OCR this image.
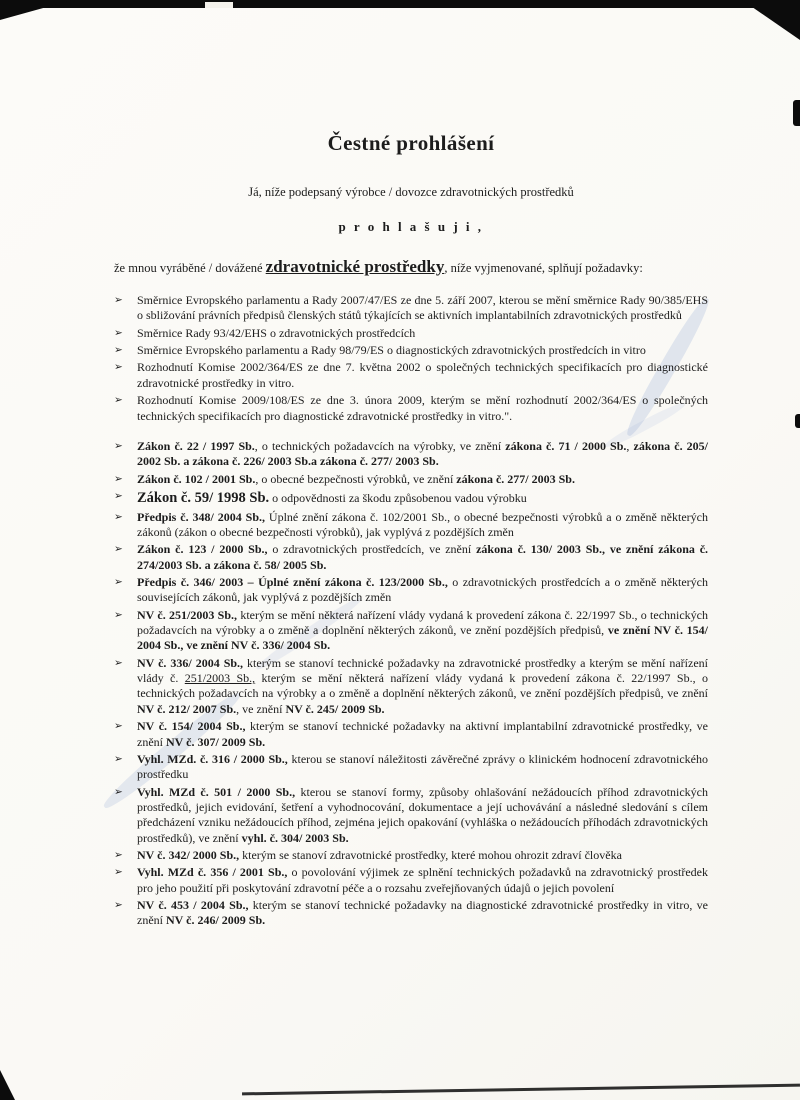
Čestné prohlášení

Já, níže podepsaný výrobce / dovozce zdravotnických prostředků

p r o h l a š u j i ,

že mnou vyráběné / dovážené zdravotnické prostředky, níže vyjmenované, splňují požadavky:

➢	Směrnice Evropského parlamentu a Rady 2007/47/ES ze dne 5. září 2007, kterou se mění směrnice Rady 90/385/EHS o sbližování právních předpisů členských států týkajících se aktivních implantabilních zdravotnických prostředků
➢	Směrnice Rady 93/42/EHS o zdravotnických prostředcích
➢	Směrnice Evropského parlamentu a Rady 98/79/ES o diagnostických zdravotnických prostředcích in vitro
➢	Rozhodnutí Komise 2002/364/ES ze dne 7. května 2002 o společných technických specifikacích pro diagnostické zdravotnické prostředky in vitro.
➢	Rozhodnutí Komise 2009/108/ES ze dne 3. února 2009, kterým se mění rozhodnutí 2002/364/ES o společných technických specifikacích pro diagnostické zdravotnické prostředky in vitro.".
➢	Zákon č. 22 / 1997 Sb., o technických požadavcích na výrobky, ve znění zákona č. 71 / 2000 Sb., zákona č. 205/ 2002 Sb. a zákona č. 226/ 2003 Sb.a zákona č. 277/ 2003 Sb.
➢	Zákon č. 102 / 2001 Sb., o obecné bezpečnosti výrobků, ve znění zákona č. 277/ 2003 Sb.
➢ Zákon č. 59/ 1998 Sb. o odpovědnosti za škodu způsobenou vadou výrobku
➢	Předpis č. 348/ 2004 Sb., Úplné znění zákona č. 102/2001 Sb., o obecné bezpečnosti výrobků a o změně některých zákonů (zákon o obecné bezpečnosti výrobků), jak vyplývá z pozdějších změn
➢	Zákon č. 123 / 2000 Sb., o zdravotnických prostředcích, ve znění zákona č. 130/ 2003 Sb., ve znění zákona č. 274/2003 Sb. a zákona č. 58/ 2005 Sb.
➢	Předpis č. 346/ 2003 – Úplné znění zákona č. 123/2000 Sb., o zdravotnických prostředcích a o změně některých souvisejících zákonů, jak vyplývá z pozdějších změn
➢	NV č. 251/2003 Sb., kterým se mění některá nařízení vlády vydaná k provedení zákona č. 22/1997 Sb., o technických požadavcích na výrobky a o změně a doplnění některých zákonů, ve znění pozdějších předpisů, ve znění NV č. 154/ 2004 Sb., ve znění NV č. 336/ 2004 Sb.
➢	NV č. 336/ 2004 Sb., kterým se stanoví technické požadavky na zdravotnické prostředky a kterým se mění nařízení vlády č. 251/2003 Sb., kterým se mění některá nařízení vlády vydaná k provedení zákona č. 22/1997 Sb., o technických požadavcích na výrobky a o změně a doplnění některých zákonů, ve znění pozdějších předpisů, ve znění NV č. 212/ 2007 Sb., ve znění NV č. 245/ 2009 Sb.
➢	NV č. 154/ 2004 Sb., kterým se stanoví technické požadavky na aktivní implantabilní zdravotnické prostředky, ve znění NV č. 307/ 2009 Sb.
➢	Vyhl. MZd. č. 316 / 2000 Sb., kterou se stanoví náležitosti závěrečné zprávy o klinickém hodnocení zdravotnického prostředku
➢	Vyhl. MZd č. 501 / 2000 Sb., kterou se stanoví formy, způsoby ohlašování nežádoucích příhod zdravotnických prostředků, jejich evidování, šetření a vyhodnocování, dokumentace a její uchovávání a následné sledování s cílem předcházení vzniku nežádoucích příhod, zejména jejich opakování (vyhláška o nežádoucích příhodách zdravotnických prostředků), ve znění vyhl. č. 304/ 2003 Sb.
➢	NV č. 342/ 2000 Sb., kterým se stanoví zdravotnické prostředky, které mohou ohrozit zdraví člověka
➢	Vyhl. MZd č. 356 / 2001 Sb., o povolování výjimek ze splnění technických požadavků na zdravotnický prostředek pro jeho použití při poskytování zdravotní péče a o rozsahu zveřejňovaných údajů o jejich povolení
➢	NV č. 453 / 2004 Sb., kterým se stanoví technické požadavky na diagnostické zdravotnické prostředky in vitro, ve znění NV č. 246/ 2009 Sb.
